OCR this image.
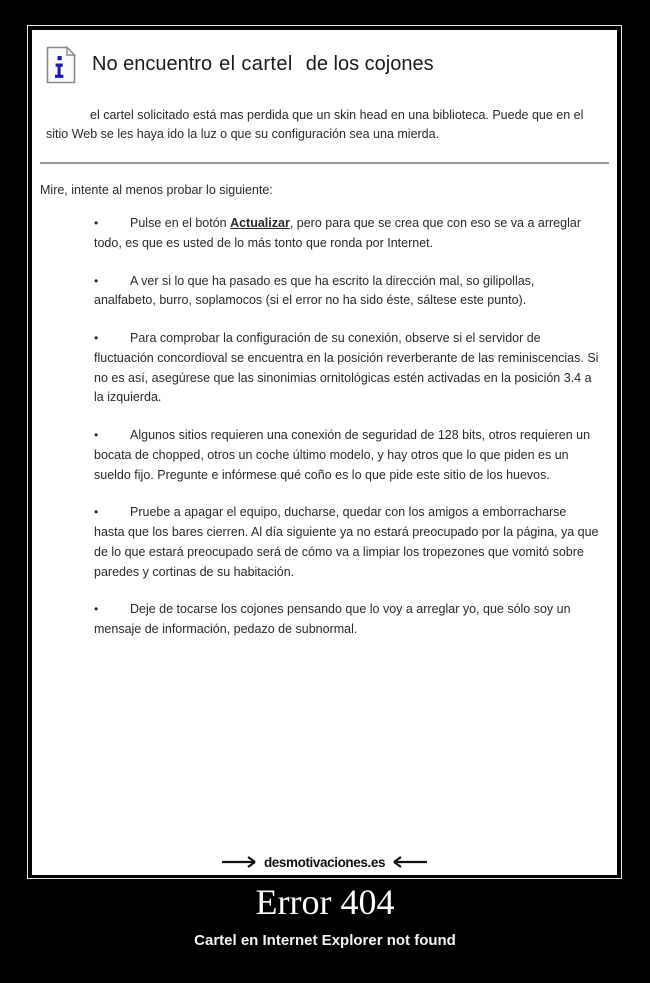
No encuentro el cartel de los cojones

el cartel solicitado está mas perdida que un skin head en una biblioteca. Puede que en el sitio Web se les haya ido la luz o que su configuración sea una mierda.

Mire, intente al menos probar lo siguiente:

• Pulse en el botón Actualizar, pero para que se crea que con eso se va a arreglar todo, es que es usted de lo más tonto que ronda por Internet.
• A ver si lo que ha pasado es que ha escrito la dirección mal, so gilipollas, analfabeto, burro, soplamocos (si el error no ha sido éste, sáltese este punto).
• Para comprobar la configuración de su conexión, observe si el servidor de fluctuación concordioval se encuentra en la posición reverberante de las reminiscencias. Si no es así, asegúrese que las sinonimias ornitológicas estén activadas en la posición 3.4 a la izquierda.
• Algunos sitios requieren una conexión de seguridad de 128 bits, otros requieren un bocata de chopped, otros un coche último modelo, y hay otros que lo que piden es un sueldo fijo. Pregunte e infórmese qué coño es lo que pide este sitio de los huevos.
• Pruebe a apagar el equipo, ducharse, quedar con los amigos a emborracharse hasta que los bares cierren. Al día siguiente ya no estará preocupado por la página, ya que de lo que estará preocupado será de cómo va a limpiar los tropezones que vomitó sobre paredes y cortinas de su habitación.
• Deje de tocarse los cojones pensando que lo voy a arreglar yo, que sólo soy un mensaje de información, pedazo de subnormal.
desmotivaciones.es
Error 404
Cartel en Internet Explorer not found
